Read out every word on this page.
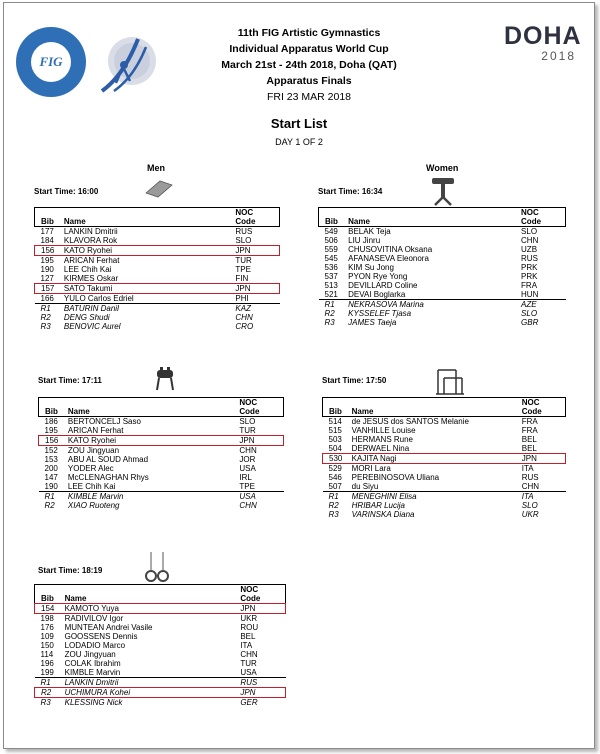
FIG
11th FIG Artistic Gymnastics
Individual Apparatus World Cup
March 21st - 24th 2018, Doha (QAT)
Apparatus Finals
FRI 23 MAR 2018
DOHA
2018
Start List
DAY 1 OF 2
Men	Women
Start Time: 16:00
Bib	Name	NOC
Code

177	LANKIN Dmitrii	RUS
184	KLAVORA Rok	SLO
156	KATO Ryohei	JPN
195	ARICAN Ferhat	TUR
190	LEE Chih Kai	TPE
127	KIRMES Oskar	FIN
157	SATO Takumi	JPN
166	YULO Carlos Edriel	PHI
R1	BATURIN Danil	KAZ
R2	DENG Shudi	CHN
R3	BENOVIC Aurel	CRO
Start Time: 16:34
Bib	Name	NOC
Code

549	BELAK Teja	SLO
506	LIU Jinru	CHN
559	CHUSOVITINA Oksana	UZB
545	AFANASEVA Eleonora	RUS
536	KIM Su Jong	PRK
537	PYON Rye Yong	PRK
513	DEVILLARD Coline	FRA
521	DEVAI Boglarka	HUN
R1	NEKRASOVA Marina	AZE
R2	KYSSELEF Tjasa	SLO
R3	JAMES Taeja	GBR
Start Time: 17:11
Bib	Name	NOC
Code

186	BERTONCELJ Saso	SLO
195	ARICAN Ferhat	TUR
156	KATO Ryohei	JPN
152	ZOU Jingyuan	CHN
153	ABU AL SOUD Ahmad	JOR
200	YODER Alec	USA
147	McCLENAGHAN Rhys	IRL
190	LEE Chih Kai	TPE
R1	KIMBLE Marvin	USA
R2	XIAO Ruoteng	CHN
Start Time: 17:50
Bib	Name	NOC
Code

514	de JESUS dos SANTOS Melanie	FRA
515	VANHILLE Louise	FRA
503	HERMANS Rune	BEL
504	DERWAEL Nina	BEL
530	KAJITA Nagi	JPN
529	MORI Lara	ITA
546	PEREBINOSOVA Uliana	RUS
507	du Siyu	CHN
R1	MENEGHINI Elisa	ITA
R2	HRIBAR Lucija	SLO
R3	VARINSKA Diana	UKR
Start Time: 18:19
Bib	Name	NOC
Code

154	KAMOTO Yuya	JPN
198	RADIVILOV Igor	UKR
176	MUNTEAN Andrei Vasile	ROU
109	GOOSSENS Dennis	BEL
150	LODADIO Marco	ITA
114	ZOU Jingyuan	CHN
196	COLAK Ibrahim	TUR
199	KIMBLE Marvin	USA
R1	LANKIN Dmitrii	RUS
R2	UCHIMURA Kohei	JPN
R3	KLESSING Nick	GER
